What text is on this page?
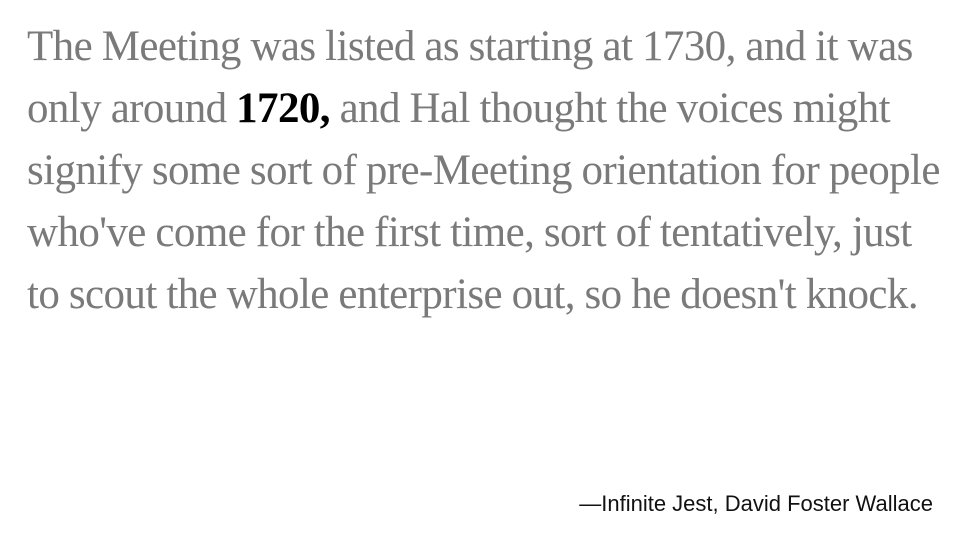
The Meeting was listed as starting at 1730, and it was only around 1720, and Hal thought the voices might signify some sort of pre-Meeting orientation for people who've come for the first time, sort of tentatively, just to scout the whole enterprise out, so he doesn't knock.

—Infinite Jest, David Foster Wallace
